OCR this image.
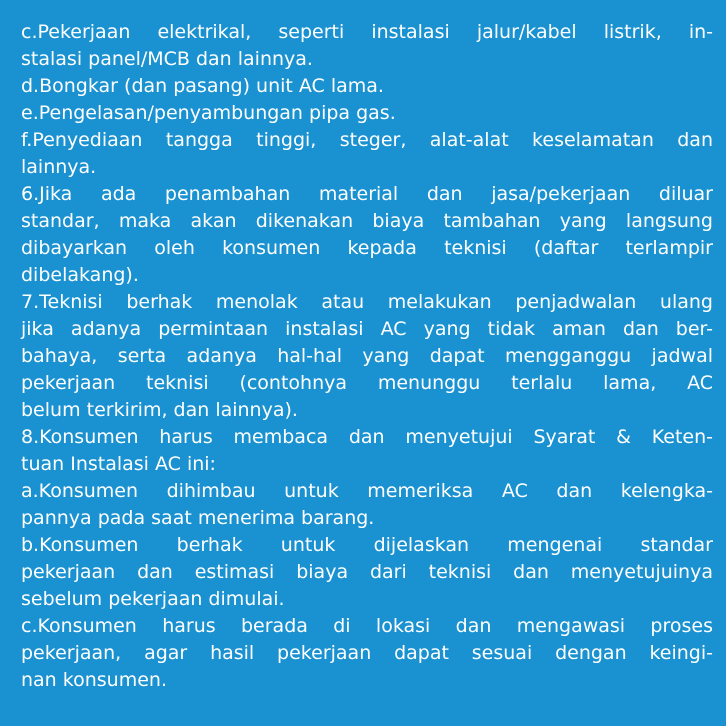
c.Pekerjaan elektrikal, seperti instalasi jalur/kabel listrik, in-
stalasi panel/MCB dan lainnya.
d.Bongkar (dan pasang) unit AC lama.
e.Pengelasan/penyambungan pipa gas.
f.Penyediaan tangga tinggi, steger, alat-alat keselamatan dan
lainnya.
6.Jika ada penambahan material dan jasa/pekerjaan diluar
standar, maka akan dikenakan biaya tambahan yang langsung
dibayarkan oleh konsumen kepada teknisi (daftar terlampir
dibelakang).
7.Teknisi berhak menolak atau melakukan penjadwalan ulang
jika adanya permintaan instalasi AC yang tidak aman dan ber-
bahaya, serta adanya hal-hal yang dapat mengganggu jadwal
pekerjaan teknisi (contohnya menunggu terlalu lama, AC
belum terkirim, dan lainnya).
8.Konsumen harus membaca dan menyetujui Syarat & Keten-
tuan Instalasi AC ini:
a.Konsumen dihimbau untuk memeriksa AC dan kelengka-
pannya pada saat menerima barang.
b.Konsumen berhak untuk dijelaskan mengenai standar
pekerjaan dan estimasi biaya dari teknisi dan menyetujuinya
sebelum pekerjaan dimulai.
c.Konsumen harus berada di lokasi dan mengawasi proses
pekerjaan, agar hasil pekerjaan dapat sesuai dengan keingi-
nan konsumen.
